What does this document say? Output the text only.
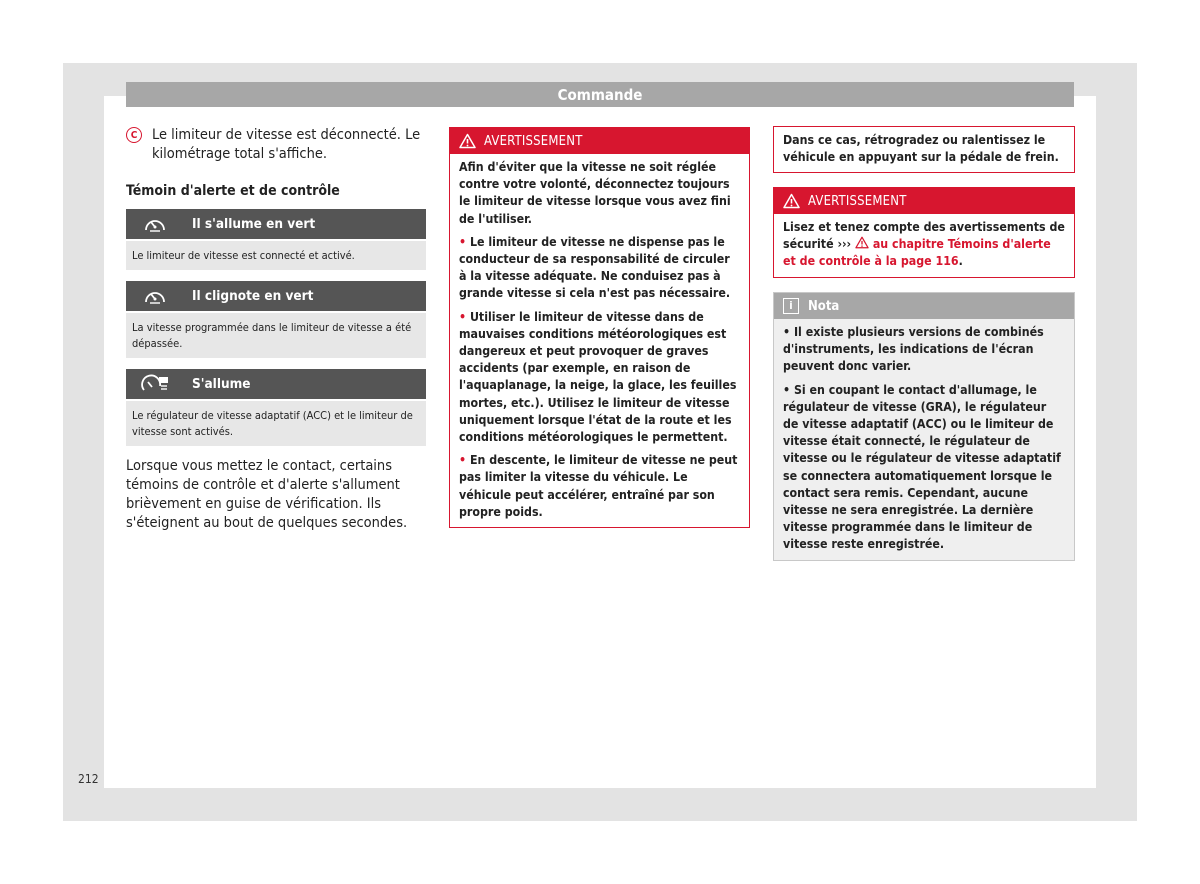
Commande
C	Le limiteur de vitesse est déconnecté. Le kilométrage total s'affiche.
Témoin d'alerte et de contrôle
Il s'allume en vert
Le limiteur de vitesse est connecté et activé.
Il clignote en vert
La vitesse programmée dans le limiteur de vitesse a été dépassée.
S'allume
Le régulateur de vitesse adaptatif (ACC) et le limiteur de vitesse sont activés.
Lorsque vous mettez le contact, certains témoins de contrôle et d'alerte s'allument brièvement en guise de vérification. Ils s'éteignent au bout de quelques secondes.
AVERTISSEMENT

Afin d'éviter que la vitesse ne soit réglée contre votre volonté, déconnectez toujours le limiteur de vitesse lorsque vous avez fini de l'utiliser.

• Le limiteur de vitesse ne dispense pas le conducteur de sa responsabilité de circuler à la vitesse adéquate. Ne conduisez pas à grande vitesse si cela n'est pas nécessaire.

• Utiliser le limiteur de vitesse dans de mauvaises conditions météorologiques est dangereux et peut provoquer de graves accidents (par exemple, en raison de l'aquaplanage, la neige, la glace, les feuilles mortes, etc.). Utilisez le limiteur de vitesse uniquement lorsque l'état de la route et les conditions météorologiques le permettent.

• En descente, le limiteur de vitesse ne peut pas limiter la vitesse du véhicule. Le véhicule peut accélérer, entraîné par son propre poids.

Dans ce cas, rétrogradez ou ralentissez le véhicule en appuyant sur la pédale de frein.
AVERTISSEMENT
Lisez et tenez compte des avertissements de sécurité ››› au chapitre Témoins d'alerte et de contrôle à la page 116.
i	Nota

• Il existe plusieurs versions de combinés d'instruments, les indications de l'écran peuvent donc varier.

• Si en coupant le contact d'allumage, le régulateur de vitesse (GRA), le régulateur de vitesse adaptatif (ACC) ou le limiteur de vitesse était connecté, le régulateur de vitesse ou le régulateur de vitesse adaptatif se connectera automatiquement lorsque le contact sera remis. Cependant, aucune vitesse ne sera enregistrée. La dernière vitesse programmée dans le limiteur de vitesse reste enregistrée.

212
